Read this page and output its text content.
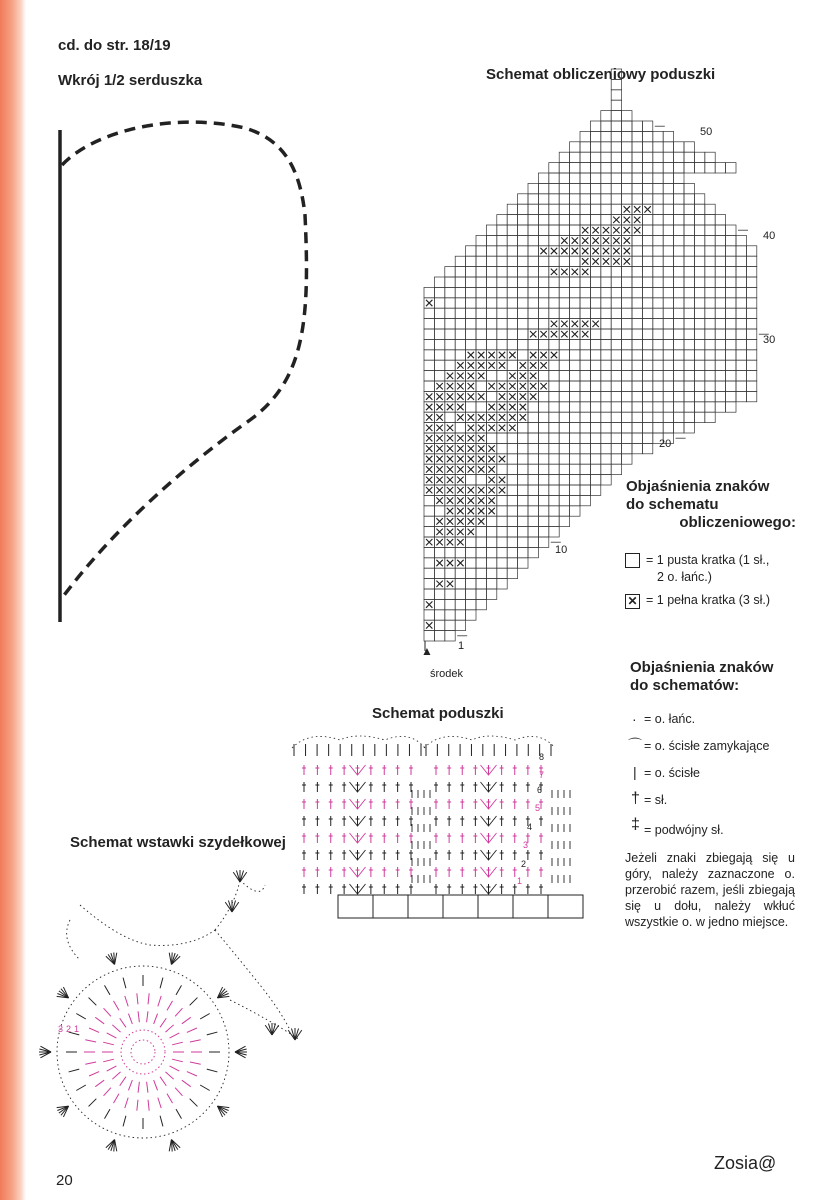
cd. do str. 18/19
Wkrój 1/2 serduszka	Schemat obliczeniowy poduszki
50
40
30
20
10
1
▲
środek
Objaśnienia znaków
do schematu
obliczeniowego:
= 1 pusta kratka (1 sł.,
2 o. łańc.)
✕ = 1 pełna kratka (3 sł.)
Objaśnienia znaków
do schematów:
· = o. łańc.
⌒ = o. ścisłe zamykające
| = o. ścisłe
† = sł.
‡ = podwójny sł.
Jeżeli znaki zbiegają się u góry, należy zaznaczone o. przerobić razem, jeśli zbiegają się u dołu, należy wkłuć wszystkie o. w jedno miejsce.
Schemat poduszki
8
7
6
5
4
3
2
1
Schemat wstawki szydełkowej
1
2
3
20
Zosia@
